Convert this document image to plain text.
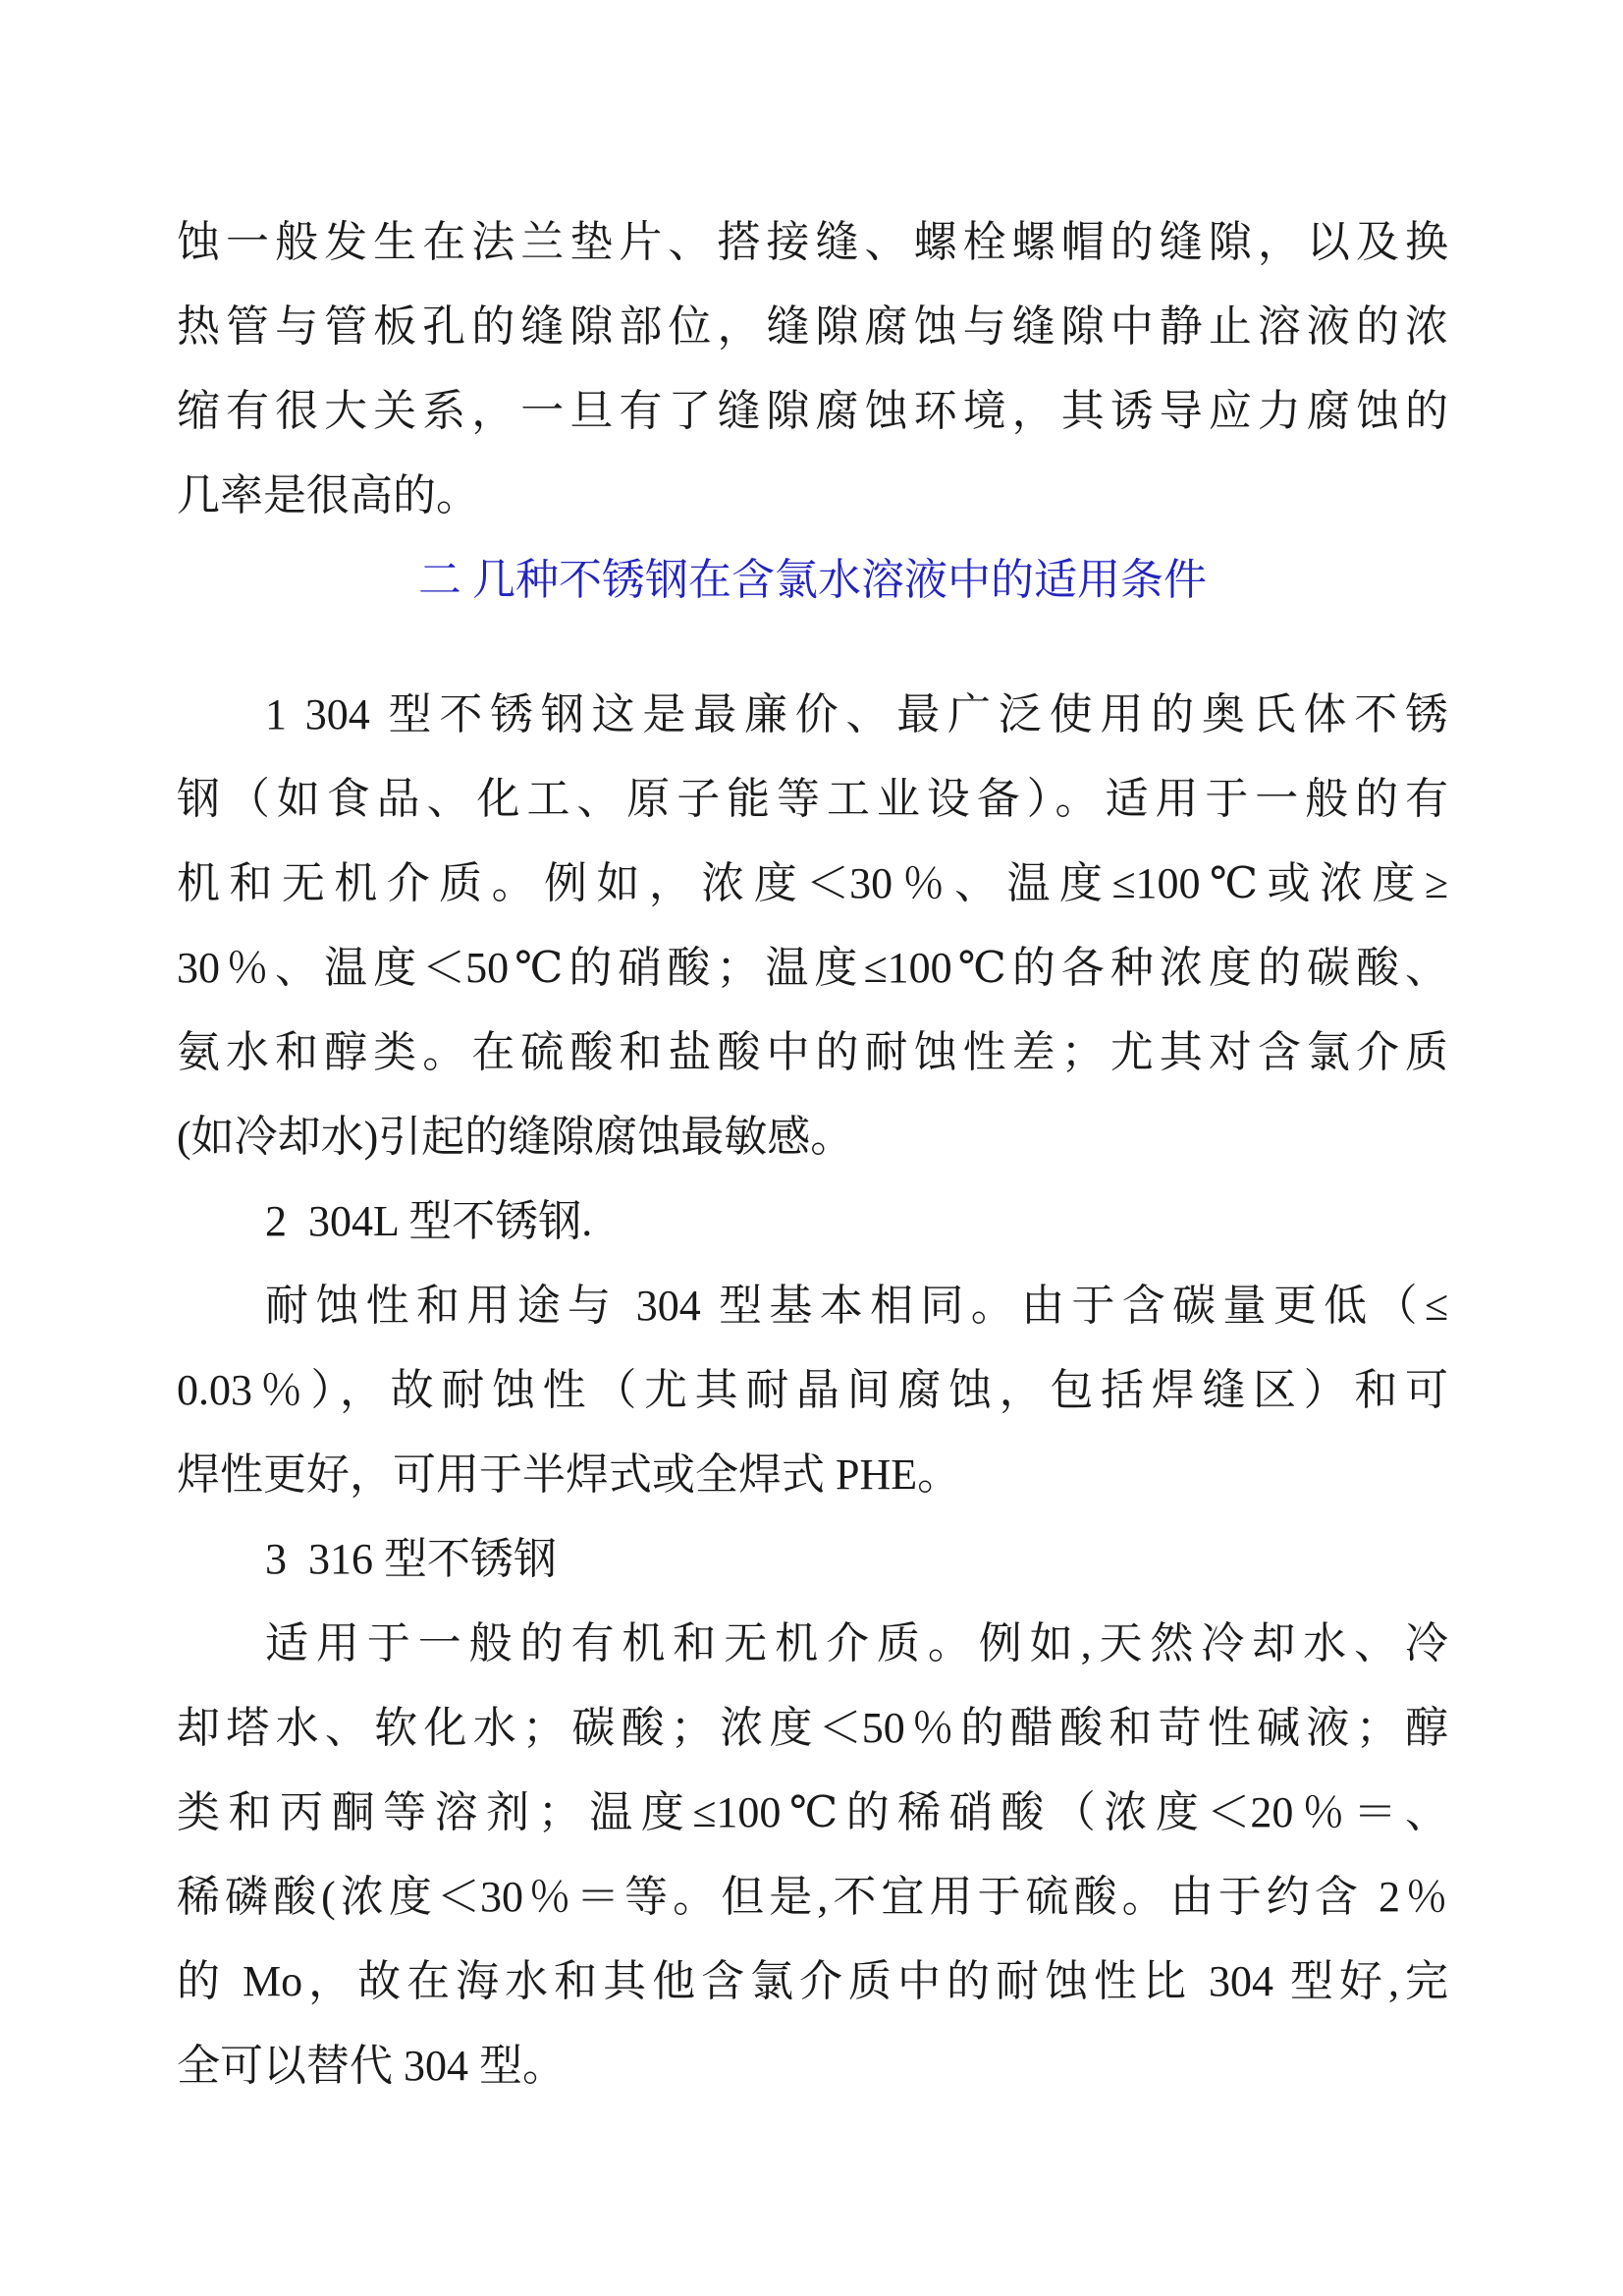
蚀一般发生在法兰垫片、搭接缝、螺栓螺帽的缝隙，以及换
热管与管板孔的缝隙部位，缝隙腐蚀与缝隙中静止溶液的浓
缩有很大关系，一旦有了缝隙腐蚀环境，其诱导应力腐蚀的
几率是很高的。
二 几种不锈钢在含氯水溶液中的适用条件
1 304 型不锈钢这是最廉价、最广泛使用的奥氏体不锈
钢（如食品、化工、原子能等工业设备）。适用于一般的有
机和无机介质。例如，浓度＜30％、温度≤100℃或浓度≥
30％、温度＜50℃的硝酸；温度≤100℃的各种浓度的碳酸、
氨水和醇类。在硫酸和盐酸中的耐蚀性差；尤其对含氯介质
(如冷却水)引起的缝隙腐蚀最敏感。
2  304L 型不锈钢.
耐蚀性和用途与 304 型基本相同。由于含碳量更低（≤
0.03％），故耐蚀性（尤其耐晶间腐蚀，包括焊缝区）和可
焊性更好，可用于半焊式或全焊式 PHE。
3  316 型不锈钢
适用于一般的有机和无机介质。例如,天然冷却水、冷
却塔水、软化水；碳酸；浓度＜50％的醋酸和苛性碱液；醇
类和丙酮等溶剂；温度≤100℃的稀硝酸（浓度＜20％＝、
稀磷酸(浓度＜30％＝等。但是,不宜用于硫酸。由于约含 2％
的 Mo，故在海水和其他含氯介质中的耐蚀性比 304 型好,完
全可以替代 304 型。
